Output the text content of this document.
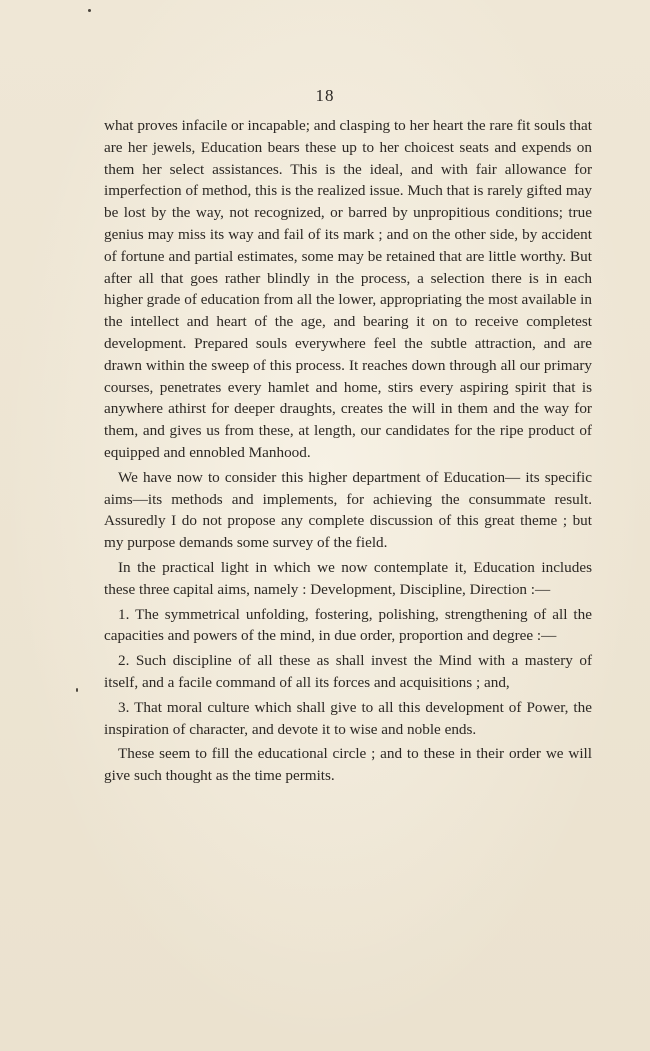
18

what proves infacile or incapable; and clasping to her heart the rare fit souls that are her jewels, Education bears these up to her choicest seats and expends on them her select assistances. This is the ideal, and with fair allowance for imperfection of method, this is the realized issue. Much that is rarely gifted may be lost by the way, not recognized, or barred by unpropitious conditions; true genius may miss its way and fail of its mark ; and on the other side, by accident of fortune and partial estimates, some may be retained that are little worthy. But after all that goes rather blindly in the process, a selection there is in each higher grade of education from all the lower, appropriating the most available in the intellect and heart of the age, and bearing it on to receive completest development. Prepared souls everywhere feel the subtle attraction, and are drawn within the sweep of this process. It reaches down through all our primary courses, penetrates every hamlet and home, stirs every aspiring spirit that is anywhere athirst for deeper draughts, creates the will in them and the way for them, and gives us from these, at length, our candidates for the ripe product of equipped and ennobled Manhood.

We have now to consider this higher department of Education— its specific aims—its methods and implements, for achieving the consummate result. Assuredly I do not propose any complete discussion of this great theme ; but my purpose demands some survey of the field.

In the practical light in which we now contemplate it, Education includes these three capital aims, namely : Development, Discipline, Direction :—

1. The symmetrical unfolding, fostering, polishing, strengthening of all the capacities and powers of the mind, in due order, proportion and degree :—

2. Such discipline of all these as shall invest the Mind with a mastery of itself, and a facile command of all its forces and acquisitions ; and,

3. That moral culture which shall give to all this development of Power, the inspiration of character, and devote it to wise and noble ends.

These seem to fill the educational circle ; and to these in their order we will give such thought as the time permits.
